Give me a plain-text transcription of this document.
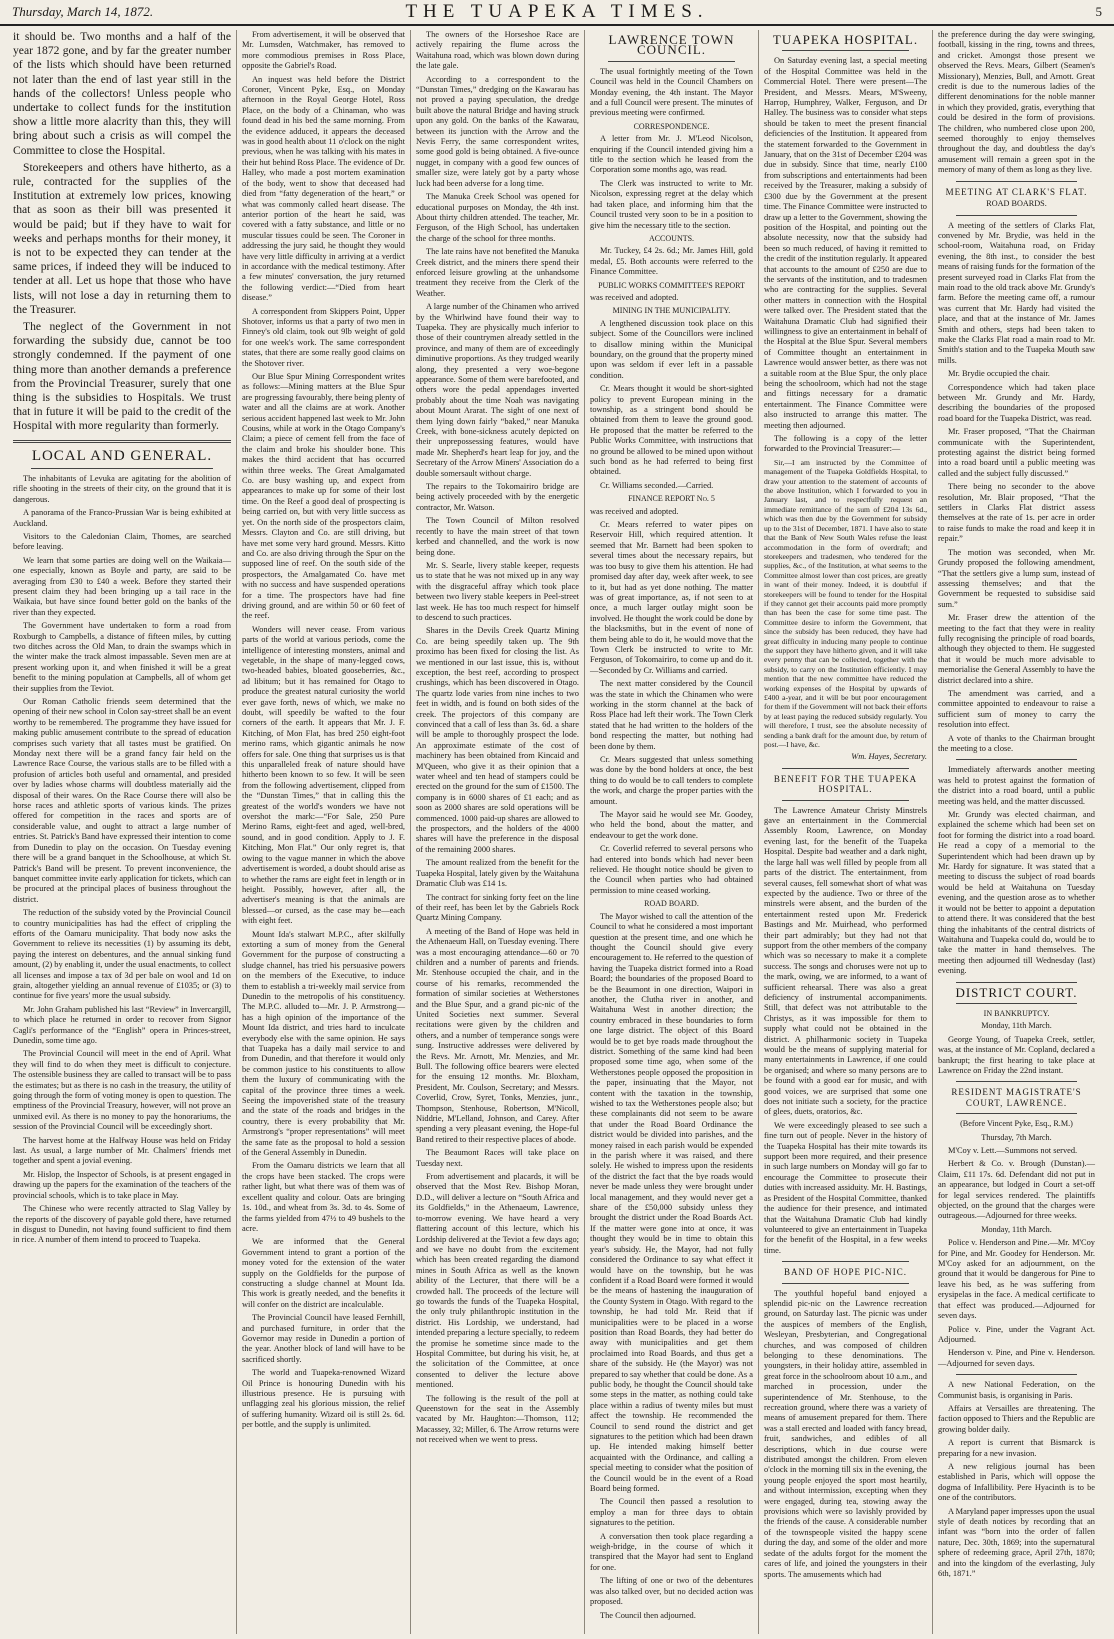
Thursday, March 14, 1872.	THE TUAPEKA TIMES.	5

it should be. Two months and a half of the year 1872 gone, and by far the greater number of the lists which should have been returned not later than the end of last year still in the hands of the collectors! Unless people who undertake to collect funds for the institution show a little more alacrity than this, they will bring about such a crisis as will compel the Committee to close the Hospital.

Storekeepers and others have hitherto, as a rule, contracted for the supplies of the Institution at extremely low prices, knowing that as soon as their bill was presented it would be paid; but if they have to wait for weeks and perhaps months for their money, it is not to be expected they can tender at the same prices, if indeed they will be induced to tender at all. Let us hope that those who have lists, will not lose a day in returning them to the Treasurer.

The neglect of the Government in not forwarding the subsidy due, cannot be too strongly condemned. If the payment of one thing more than another demands a preference from the Provincial Treasurer, surely that one thing is the subsidies to Hospitals. We trust that in future it will be paid to the credit of the Hospital with more regularity than formerly.

LOCAL AND GENERAL.

The inhabitants of Levuka are agitating for the abolition of rifle shooting in the streets of their city, on the ground that it is dangerous.

A panorama of the Franco-Prussian War is being exhibited at Auckland.

Visitors to the Caledonian Claim, Thomes, are searched before leaving.

We learn that some parties are doing well on the Waikaia—one especially, known as Boyle and party, are said to be averaging from £30 to £40 a week. Before they started their present claim they had been bringing up a tail race in the Waikaia, but have since found better gold on the banks of the river than they expected.

The Government have undertaken to form a road from Roxburgh to Campbells, a distance of fifteen miles, by cutting two ditches across the Old Man, to drain the swamps which in the winter make the track almost impassable. Seven men are at present working upon it, and when finished it will be a great benefit to the mining population at Campbells, all of whom get their supplies from the Teviot.

Our Roman Catholic friends seem determined that the opening of their new school in Colon say-street shall be an event worthy to be remembered. The programme they have issued for making public amusement contribute to the spread of education comprises such variety that all tastes must be gratified. On Monday next there will be a grand fancy fair held on the Lawrence Race Course, the various stalls are to be filled with a profusion of articles both useful and ornamental, and presided over by ladies whose charms will doubtless materially aid the disposal of their wares. On the Race Course there will also be horse races and athletic sports of various kinds. The prizes offered for competition in the races and sports are of considerable value, and ought to attract a large number of entries. St. Patrick's Band have expressed their intention to come from Dunedin to play on the occasion. On Tuesday evening there will be a grand banquet in the Schoolhouse, at which St. Patrick's Band will be present. To prevent inconvenience, the banquet committee invite early application for tickets, which can be procured at the principal places of business throughout the district.

The reduction of the subsidy voted by the Provincial Council to country municipalities has had the effect of crippling the efforts of the Oamaru municipality. That body now asks the Government to relieve its necessities (1) by assuming its debt, paying the interest on debentures, and the annual sinking fund amount, (2) by enabling it, under the usual enactments, to collect all licenses and impose a tax of 3d per bale on wool and 1d on grain, altogether yielding an annual revenue of £1035; or (3) to continue for five years' more the usual subsidy.

Mr. John Graham published his last “Review” in Invercargill, to which place he returned in order to recover from Signor Cagli's performance of the “English” opera in Princes-street, Dunedin, some time ago.

The Provincial Council will meet in the end of April. What they will find to do when they meet is difficult to conjecture. The ostensible business they are called to transact will be to pass the estimates; but as there is no cash in the treasury, the utility of going through the form of voting money is open to question. The emptiness of the Provincial Treasury, however, will not prove an unmixed evil. As there is no money to pay the honorariums, the session of the Provincial Council will be exceedingly short.

The harvest home at the Halfway House was held on Friday last. As usual, a large number of Mr. Chalmers' friends met together and spent a jovial evening.

Mr. Hislop, the Inspector of Schools, is at present engaged in drawing up the papers for the examination of the teachers of the provincial schools, which is to take place in May.

The Chinese who were recently attracted to Slag Valley by the reports of the discovery of payable gold there, have returned in disgust to Dunedin, not having found sufficient to find them in rice. A number of them intend to proceed to Tuapeka.

From advertisement, it will be observed that Mr. Lumsden, Watchmaker, has removed to more commodious premises in Ross Place, opposite the Gabriel's Road.

An inquest was held before the District Coroner, Vincent Pyke, Esq., on Monday afternoon in the Royal George Hotel, Ross Place, on the body of a Chinaman, who was found dead in his bed the same morning. From the evidence adduced, it appears the deceased was in good health about 11 o'clock on the night previous, when he was talking with his mates in their hut behind Ross Place. The evidence of Dr. Halley, who made a post mortem examination of the body, went to show that deceased had died from “fatty degeneration of the heart,” or what was commonly called heart disease. The anterior portion of the heart he said, was covered with a fatty substance, and little or no muscular tissues could be seen. The Coroner in addressing the jury said, he thought they would have very little difficulty in arriving at a verdict in accordance with the medical testimony. After a few minutes' conversation, the jury returned the following verdict:—“Died from heart disease.”

A correspondent from Skippers Point, Upper Shotover, informs us that a party of two men in Finney's old claim, took out 9lb weight of gold for one week's work. The same correspondent states, that there are some really good claims on the Shotover river.

Our Blue Spur Mining Correspondent writes as follows:—Mining matters at the Blue Spur are progressing favourably, there being plenty of water and all the claims are at work. Another serious accident happened last week to Mr. John Cousins, while at work in the Otago Company's Claim; a piece of cement fell from the face of the claim and broke his shoulder bone. This makes the third accident that has occurred within three weeks. The Great Amalgamated Co. are busy washing up, and expect from appearances to make up for some of their lost time. On the Reef a good deal of prospecting is being carried on, but with very little success as yet. On the north side of the prospectors claim, Messrs. Clayton and Co. are still driving, but have met some very hard ground. Messrs. Kitto and Co. are also driving through the Spur on the supposed line of reef. On the south side of the prospectors, the Amalgamated Co. have met with no success and have suspended operations for a time. The prospectors have had fine driving ground, and are within 50 or 60 feet of the reef.

Wonders will never cease. From various parts of the world at various periods, come the intelligence of interesting monsters, animal and vegetable, in the shape of many-legged cows, two-headed babies, bloated gooseberries, &c., ad libitum; but it has remained for Otago to produce the greatest natural curiosity the world ever gave forth, news of which, we make no doubt, will speedily be wafted to the four corners of the earth. It appears that Mr. J. F. Kitching, of Mon Flat, has bred 250 eight-foot merino rams, which gigantic animals he now offers for sale. One thing that surprises us is that this unparalleled freak of nature should have hitherto been known to so few. It will be seen from the following advertisement, clipped from the “Dunstan Times,” that in calling this the greatest of the world's wonders we have not overshot the mark:—“For Sale, 250 Pure Merino Rams, eight-feet and aged, well-bred, sound, and in good condition. Apply to J. F. Kitching, Mon Flat.” Our only regret is, that owing to the vague manner in which the above advertisement is worded, a doubt should arise as to whether the rams are eight feet in length or in height. Possibly, however, after all, the advertiser's meaning is that the animals are blessed—or cursed, as the case may be—each with eight feet.

Mount Ida's stalwart M.P.C., after skilfully extorting a sum of money from the General Government for the purpose of constructing a sludge channel, has tried his persuasive powers on the members of the Executive, to induce them to establish a tri-weekly mail service from Dunedin to the metropolis of his constituency. The M.P.C. alluded to—Mr. J. P. Armstrong—has a high opinion of the importance of the Mount Ida district, and tries hard to inculcate everybody else with the same opinion. He says that Tuapeka has a daily mail service to and from Dunedin, and that therefore it would only be common justice to his constituents to allow them the luxury of communicating with the capital of the province three times a week. Seeing the impoverished state of the treasury and the state of the roads and bridges in the country, there is every probability that Mr. Armstrong's “proper representations” will meet the same fate as the proposal to hold a session of the General Assembly in Dunedin.

From the Oamaru districts we learn that all the crops have been stacked. The crops were rather light, but what there was of them was of excellent quality and colour. Oats are bringing 1s. 10d., and wheat from 3s. 3d. to 4s. Some of the farms yielded from 47½ to 49 bushels to the acre.

We are informed that the General Government intend to grant a portion of the money voted for the extension of the water supply on the Goldfields for the purpose of constructing a sludge channel at Mount Ida. This work is greatly needed, and the benefits it will confer on the district are incalculable.

The Provincial Council have leased Fernhill, and purchased furniture, in order that the Governor may reside in Dunedin a portion of the year. Another block of land will have to be sacrificed shortly.

The world and Tuapeka-renowned Wizard Oil Prince is honouring Dunedin with his illustrious presence. He is pursuing with unflagging zeal his glorious mission, the relief of suffering humanity. Wizard oil is still 2s. 6d. per bottle, and the supply is unlimited.

The owners of the Horseshoe Race are actively repairing the flume across the Waitahuna road, which was blown down during the late gale.

According to a correspondent to the “Dunstan Times,” dredging on the Kawarau has not proved a paying speculation, the dredge built above the natural Bridge and having struck upon any gold. On the banks of the Kawarau, between its junction with the Arrow and the Nevis Ferry, the same correspondent writes, some good gold is being obtained. A five-ounce nugget, in company with a good few ounces of smaller size, were lately got by a party whose luck had been adverse for a long time.

The Manuka Creek School was opened for educational purposes on Monday, the 4th inst. About thirty children attended. The teacher, Mr. Ferguson, of the High School, has undertaken the charge of the school for three months.

The late rains have not benefited the Manuka Creek district, and the miners there spend their enforced leisure growling at the unhandsome treatment they receive from the Clerk of the Weather.

A large number of the Chinamen who arrived by the Whirlwind have found their way to Tuapeka. They are physically much inferior to those of their countrymen already settled in the province, and many of them are of exceedingly diminutive proportions. As they trudged wearily along, they presented a very woe-begone appearance. Some of them were barefooted, and others wore the pedal appendages inverted probably about the time Noah was navigating about Mount Ararat. The sight of one next of them lying down fairly “baked,” near Manuka Creek, with bone-sickness acutely depicted on their unprepossessing features, would have made Mr. Shepherd's heart leap for joy, and the Secretary of the Arrow Miners' Association do a double somersault without charge.

The repairs to the Tokomairiro bridge are being actively proceeded with by the energetic contractor, Mr. Watson.

The Town Council of Milton resolved recently to have the main street of that town kerbed and channelled, and the work is now being done.

Mr. S. Searle, livery stable keeper, requests us to state that he was not mixed up in any way with the disgraceful affray which took place between two livery stable keepers in Peel-street last week. He has too much respect for himself to descend to such practices.

Shares in the Devils Creek Quartz Mining Co. are being speedily taken up. The 9th proximo has been fixed for closing the list. As we mentioned in our last issue, this is, without exception, the best reef, according to prospect crushings, which has been discovered in Otago. The quartz lode varies from nine inches to two feet in width, and is found on both sides of the creek. The projectors of this company are convinced that a call of less than 3s. 6d. a share will be ample to thoroughly prospect the lode. An approximate estimate of the cost of machinery has been obtained from Kincaid and M'Queen, who give it as their opinion that a water wheel and ten head of stampers could be erected on the ground for the sum of £1500. The company is in 6000 shares of £1 each; and as soon as 2000 shares are sold operations will be commenced. 1000 paid-up shares are allowed to the prospectors, and the holders of the 4000 shares will have the preference in the disposal of the remaining 2000 shares.

The amount realized from the benefit for the Tuapeka Hospital, lately given by the Waitahuna Dramatic Club was £14 1s.

The contract for sinking forty feet on the line of their reef, has been let by the Gabriels Rock Quartz Mining Company.

A meeting of the Band of Hope was held in the Athenaeum Hall, on Tuesday evening. There was a most encouraging attendance—60 or 70 children and a number of parents and friends. Mr. Stenhouse occupied the chair, and in the course of his remarks, recommended the formation of similar societies at Wetherstones and the Blue Spur, and a grand pic-nic of the United Societies next summer. Several recitations were given by the children and others, and a number of temperance songs were sung. Instructive addresses were delivered by the Revs. Mr. Arnott, Mr. Menzies, and Mr. Bull. The following office bearers were elected for the ensuing 12 months. Mr. Bloxham, President, Mr. Coulson, Secretary; and Messrs. Coverlid, Crow, Syret, Tonks, Menzies, junr., Thompson, Stenhouse, Robertson, M'Nicoll, Niddrie, M'Lelland, Johnson, and Carey. After spending a very pleasant evening, the Hope-ful Band retired to their respective places of abode.

The Beaumont Races will take place on Tuesday next.

From advertisement and placards, it will be observed that the Most Rev. Bishop Moran, D.D., will deliver a lecture on “South Africa and its Goldfields,” in the Athenaeum, Lawrence, to-morrow evening. We have heard a very flattering account of this lecture, which his Lordship delivered at the Teviot a few days ago; and we have no doubt from the excitement which has been created regarding the diamond mines in South Africa as well as the known ability of the Lecturer, that there will be a crowded hall. The proceeds of the lecture will go towards the funds of the Tuapeka Hospital, the only truly philanthropic institution in the district. His Lordship, we understand, had intended preparing a lecture specially, to redeem the promise he sometime since made to the Hospital Committee, but during his visit, he, at the solicitation of the Committee, at once consented to deliver the lecture above mentioned.

The following is the result of the poll at Queenstown for the seat in the Assembly vacated by Mr. Haughton:—Thomson, 112; Macassey, 32; Miller, 6. The Arrow returns were not received when we went to press.

LAWRENCE TOWN COUNCIL.

The usual fortnightly meeting of the Town Council was held in the Council Chambers on Monday evening, the 4th instant. The Mayor and a full Council were present. The minutes of previous meeting were confirmed.

CORRESPONDENCE.

A letter from Mr. J. M'Leod Nicolson, enquiring if the Council intended giving him a title to the section which he leased from the Corporation some months ago, was read.

The Clerk was instructed to write to Mr. Nicolson, expressing regret at the delay which had taken place, and informing him that the Council trusted very soon to be in a position to give him the necessary title to the section.

ACCOUNTS.

Mr. Tuckey, £4 2s. 6d.; Mr. James Hill, gold medal, £5. Both accounts were referred to the Finance Committee.

PUBLIC WORKS COMMITTEE'S REPORT

was received and adopted.

MINING IN THE MUNICIPALITY.

A lengthened discussion took place on this subject. Some of the Councillors were inclined to disallow mining within the Municipal boundary, on the ground that the property mined upon was seldom if ever left in a passable condition.

Cr. Mears thought it would be short-sighted policy to prevent European mining in the township, as a stringent bond should be obtained from them to leave the ground good. He proposed that the matter be referred to the Public Works Committee, with instructions that no ground be allowed to be mined upon without such bond as he had referred to being first obtained.

Cr. Williams seconded.—Carried.

FINANCE REPORT No. 5

was received and adopted.

Cr. Mears referred to water pipes on Reservoir Hill, which required attention. It seemed that Mr. Barnett had been spoken to several times about the necessary repairs, but was too busy to give them his attention. He had promised day after day, week after week, to see to it, but had as yet done nothing. The matter was of great importance, as, if not seen to at once, a much larger outlay might soon be involved. He thought the work could be done by the blacksmiths, but in the event of none of them being able to do it, he would move that the Town Clerk be instructed to write to Mr. Ferguson, of Tokomairiro, to come up and do it.—Seconded by Cr. Williams and carried.

The next matter considered by the Council was the state in which the Chinamen who were working in the storm channel at the back of Ross Place had left their work. The Town Clerk stated that he had written to the holders of the bond respecting the matter, but nothing had been done by them.

Cr. Mears suggested that unless something was done by the bond holders at once, the best thing to do would be to call tenders to complete the work, and charge the proper parties with the amount.

The Mayor said he would see Mr. Goodey, who held the bond, about the matter, and endeavour to get the work done.

Cr. Coverlid referred to several persons who had entered into bonds which had never been relieved. He thought notice should be given to the Council when parties who had obtained permission to mine ceased working.

ROAD BOARD.

The Mayor wished to call the attention of the Council to what he considered a most important question at the present time, and one which he thought the Council should give every encouragement to. He referred to the question of having the Tuapeka district formed into a Road Board; the boundaries of the proposed Board to be the Beaumont in one direction, Waipori in another, the Clutha river in another, and Waitahuna West in another direction; the country embraced in these boundaries to form one large district. The object of this Board would be to get bye roads made throughout the district. Something of the same kind had been proposed some time ago, when some of the Wetherstones people opposed the proposition in the paper, insinuating that the Mayor, not content with the taxation in the township, wished to tax the Wetherstones people also; but these complainants did not seem to be aware that under the Road Board Ordinance the district would be divided into parishes, and the money raised in each parish would be expended in the parish where it was raised, and there solely. He wished to impress upon the residents of the district the fact that the bye roads would never be made unless they were brought under local management, and they would never get a share of the £50,000 subsidy unless they brought the district under the Road Boards Act. If the matter were gone into at once, it was thought they would be in time to obtain this year's subsidy. He, the Mayor, had not fully considered the Ordinance to say what effect it would have on the township, but he was confident if a Road Board were formed it would be the means of hastening the inauguration of the County System in Otago. With regard to the township, he had told Mr. Reid that if municipalities were to be placed in a worse position than Road Boards, they had better do away with municipalities and get them proclaimed into Road Boards, and thus get a share of the subsidy. He (the Mayor) was not prepared to say whether that could be done. As a public body, he thought the Council should take some steps in the matter, as nothing could take place within a radius of twenty miles but must affect the township. He recommended the Council to send round the district and get signatures to the petition which had been drawn up. He intended making himself better acquainted with the Ordinance, and calling a special meeting to consider what the position of the Council would be in the event of a Road Board being formed.

The Council then passed a resolution to employ a man for three days to obtain signatures to the petition.

A conversation then took place regarding a weigh-bridge, in the course of which it transpired that the Mayor had sent to England for one.

The lifting of one or two of the debentures was also talked over, but no decided action was proposed.

The Council then adjourned.

TUAPEKA HOSPITAL.

On Saturday evening last, a special meeting of the Hospital Committee was held in the Commercial Hotel. There were present—The President, and Messrs. Mears, M'Sweeny, Harrop, Humphrey, Walker, Ferguson, and Dr Halley. The business was to consider what steps should be taken to meet the present financial deficiencies of the Institution. It appeared from the statement forwarded to the Government in January, that on the 31st of December £204 was due in subsidy. Since that time, nearly £100 from subscriptions and entertainments had been received by the Treasurer, making a subsidy of £300 due by the Government at the present time. The Finance Committee were instructed to draw up a letter to the Government, showing the position of the Hospital, and pointing out the absolute necessity, now that the subsidy had been so much reduced, of having it remitted to the credit of the institution regularly. It appeared that accounts to the amount of £250 are due to the servants of the institution, and to tradesmen who are contracting for the supplies. Several other matters in connection with the Hospital were talked over. The President stated that the Waitahuna Dramatic Club had signified their willingness to give an entertainment in behalf of the Hospital at the Blue Spur. Several members of Committee thought an entertainment in Lawrence would answer better, as there was not a suitable room at the Blue Spur, the only place being the schoolroom, which had not the stage and fittings necessary for a dramatic entertainment. The Finance Committee were also instructed to arrange this matter. The meeting then adjourned.

The following is a copy of the letter forwarded to the Provincial Treasurer:—

Sir,—I am instructed by the Committee of management of the Tuapeka Goldfields Hospital, to draw your attention to the statement of accounts of the above Institution, which I forwarded to you in January last, and to respectfully request an immediate remittance of the sum of £204 13s 6d., which was then due by the Government for subsidy up to the 31st of December, 1871. I have also to state that the Bank of New South Wales refuse the least accommodation in the form of overdraft; and storekeepers and tradesmen, who tendered for the supplies, &c., of the Institution, at what seems to the Committee almost lower than cost prices, are greatly in want of their money. Indeed, it is doubtful if storekeepers will be found to tender for the Hospital if they cannot get their accounts paid more promptly than has been the case for some time past. The Committee desire to inform the Government, that since the subsidy has been reduced, they have had great difficulty in inducing many people to continue the support they have hitherto given, and it will take every penny that can be collected, together with the subsidy, to carry on the Institution efficiently. I may mention that the new committee have reduced the working expenses of the Hospital by upwards of £400 a-year, and it will be but poor encouragement for them if the Government will not back their efforts by at least paying the reduced subsidy regularly. You will therefore, I trust, see the absolute necessity of sending a bank draft for the amount due, by return of post.—I have, &c.

Wm. Hayes, Secretary.
BENEFIT FOR THE TUAPEKA HOSPITAL.

The Lawrence Amateur Christy Minstrels gave an entertainment in the Commercial Assembly Room, Lawrence, on Monday evening last, for the benefit of the Tuapeka Hospital. Despite bad weather and a dark night, the large hall was well filled by people from all parts of the district. The entertainment, from several causes, fell somewhat short of what was expected by the audience. Two or three of the minstrels were absent, and the burden of the entertainment rested upon Mr. Frederick Bastings and Mr. Muirhead, who performed their part admirably; but they had not that support from the other members of the company which was so necessary to make it a complete success. The songs and choruses were not up to the mark, owing, we are informed, to a want of sufficient rehearsal. There was also a great deficiency of instrumental accompaniments. Still, that defect was not attributable to the Christys, as it was impossible for them to supply what could not be obtained in the district. A philharmonic society in Tuapeka would be the means of supplying material for many entertainments in Lawrence, if one could be organised; and where so many persons are to be found with a good ear for music, and with good voices, we are surprised that some one does not initiate such a society, for the practice of glees, duets, oratorios, &c.

We were exceedingly pleased to see such a fine turn out of people. Never in the history of the Tuapeka Hospital has their mite towards its support been more required, and their presence in such large numbers on Monday will go far to encourage the Committee to prosecute their duties with increased assiduity. Mr. H. Bastings, as President of the Hospital Committee, thanked the audience for their presence, and intimated that the Waitahuna Dramatic Club had kindly volunteered to give an entertainment in Tuapeka for the benefit of the Hospital, in a few weeks time.

BAND OF HOPE PIC-NIC.

The youthful hopeful band enjoyed a splendid pic-nic on the Lawrence recreation ground, on Saturday last. The picnic was under the auspices of members of the English, Wesleyan, Presbyterian, and Congregational churches, and was composed of children belonging to these denominations. The youngsters, in their holiday attire, assembled in great force in the schoolroom about 10 a.m., and marched in procession, under the superintendence of Mr. Stenhouse, to the recreation ground, where there was a variety of means of amusement prepared for them. There was a stall erected and loaded with fancy bread, fruit, sandwiches, and edibles of all descriptions, which in due course were distributed amongst the children. From eleven o'clock in the morning till six in the evening, the young people enjoyed the sport most heartily, and without intermission, excepting when they were engaged, during tea, stowing away the provisions which were so lavishly provided by the friends of the cause. A considerable number of the townspeople visited the happy scene during the day, and some of the older and more sedate of the adults forgot for the moment the cares of life, and joined the youngsters in their sports. The amusements which had

the preference during the day were swinging, football, kissing in the ring, towns and threes, and cricket. Amongst those present we observed the Revs. Mears, Gilbert (Seamen's Missionary), Menzies, Bull, and Arnott. Great credit is due to the numerous ladies of the different denominations for the noble manner in which they provided, gratis, everything that could be desired in the form of provisions. The children, who numbered close upon 200, seemed thoroughly to enjoy themselves throughout the day, and doubtless the day's amusement will remain a green spot in the memory of many of them as long as they live.

MEETING AT CLARK'S FLAT.
ROAD BOARDS.

A meeting of the settlers of Clarks Flat, convened by Mr. Brydie, was held in the school-room, Waitahuna road, on Friday evening, the 8th inst., to consider the best means of raising funds for the formation of the present surveyed road in Clarks Flat from the main road to the old track above Mr. Grundy's farm. Before the meeting came off, a rumour was current that Mr. Hardy had visited the place, and that at the instance of Mr. James Smith and others, steps had been taken to make the Clarks Flat road a main road to Mr. Smith's station and to the Tuapeka Mouth saw mills.

Mr. Brydie occupied the chair.

Correspondence which had taken place between Mr. Grundy and Mr. Hardy, describing the boundaries of the proposed road board for the Tuapeka District, was read.

Mr. Fraser proposed, “That the Chairman communicate with the Superintendent, protesting against the district being formed into a road board until a public meeting was called and the subject fully discussed.”

There being no seconder to the above resolution, Mr. Blair proposed, “That the settlers in Clarks Flat district assess themselves at the rate of 1s. per acre in order to raise funds to make the road and keep it in repair.”

The motion was seconded, when Mr. Grundy proposed the following amendment, “That the settlers give a lump sum, instead of assessing themselves; and that the Government be requested to subsidise said sum.”

Mr. Fraser drew the attention of the meeting to the fact that they were in reality fully recognising the principle of road boards, although they objected to them. He suggested that it would be much more advisable to memorialise the General Assembly to have the district declared into a shire.

The amendment was carried, and a committee appointed to endeavour to raise a sufficient sum of money to carry the resolution into effect.

A vote of thanks to the Chairman brought the meeting to a close.

Immediately afterwards another meeting was held to protest against the formation of the district into a road board, until a public meeting was held, and the matter discussed.

Mr. Grundy was elected chairman, and explained the scheme which had been set on foot for forming the district into a road board. He read a copy of a memorial to the Superintendent which had been drawn up by Mr. Hardy for signature. It was stated that a meeting to discuss the subject of road boards would be held at Waitahuna on Tuesday evening, and the question arose as to whether it would not be better to appoint a deputation to attend there. It was considered that the best thing the inhabitants of the central districts of Waitahuna and Tuapeka could do, would be to take the matter in hand themselves. The meeting then adjourned till Wednesday (last) evening.

DISTRICT COURT.
IN BANKRUPTCY.
Monday, 11th March.

George Young, of Tuapeka Creek, settler, was, at the instance of Mr. Copland, declared a bankrupt; the first hearing to take place at Lawrence on Friday the 22nd instant.

RESIDENT MAGISTRATE'S COURT, LAWRENCE.
(Before Vincent Pyke, Esq., R.M.)
Thursday, 7th March.

M'Coy v. Lett.—Summons not served.

Herbert & Co. v. Brough (Dunstan).—Claim, £11 17s. 6d. Defendant did not put in an appearance, but lodged in Court a set-off for legal services rendered. The plaintiffs objected, on the ground that the charges were outrageous.—Adjourned for three weeks.

Monday, 11th March.

Police v. Henderson and Pine.—Mr. M'Coy for Pine, and Mr. Goodey for Henderson. Mr. M'Coy asked for an adjournment, on the ground that it would be dangerous for Pine to leave his bed, as he was suffering from erysipelas in the face. A medical certificate to that effect was produced.—Adjourned for seven days.

Police v. Pine, under the Vagrant Act. Adjourned.

Henderson v. Pine, and Pine v. Henderson.—Adjourned for seven days.

A new National Federation, on the Communist basis, is organising in Paris.

Affairs at Versailles are threatening. The faction opposed to Thiers and the Republic are growing bolder daily.

A report is current that Bismarck is preparing for a new invasion.

A new religious journal has been established in Paris, which will oppose the dogma of Infallibility. Pere Hyacinth is to be one of the contributors.

A Maryland paper impresses upon the usual style of death notices by recording that an infant was “born into the order of fallen nature, Dec. 30th, 1869; into the supernatural sphere of redeeming grace, April 27th, 1870; and into the kingdom of the everlasting, July 6th, 1871.”
